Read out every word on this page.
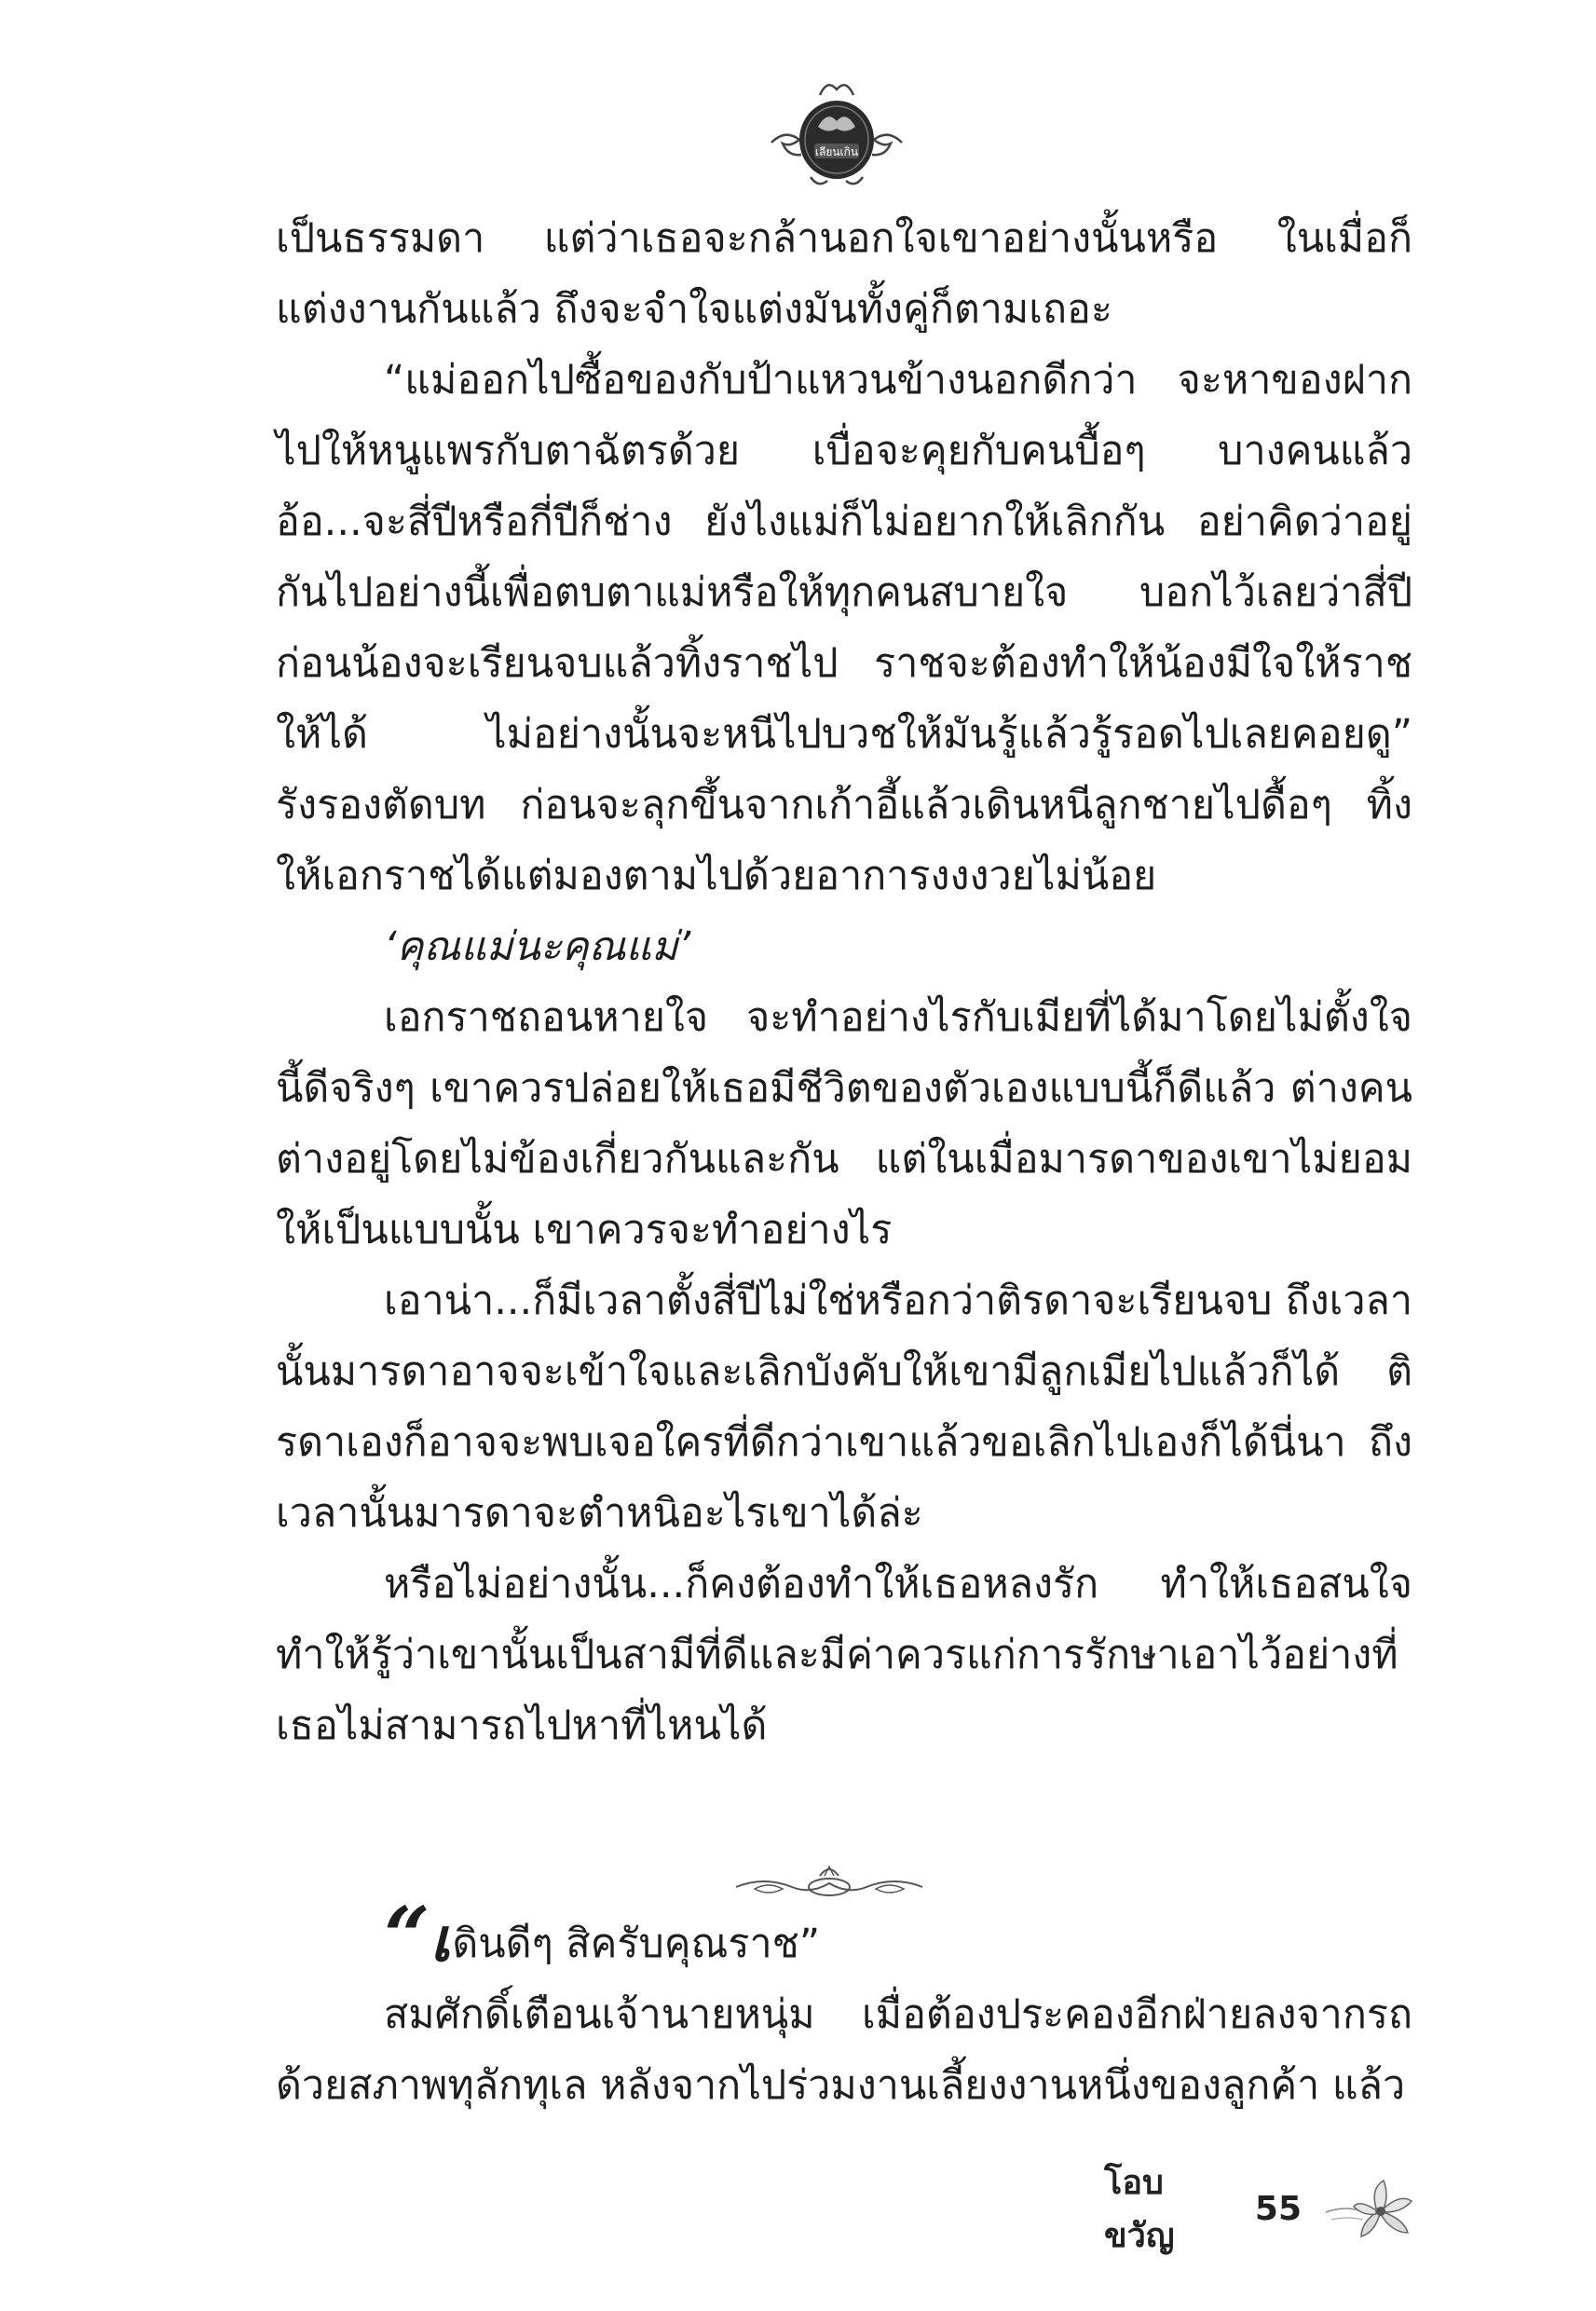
เลียนเกิน

เป็นธรรมดา แต่ว่าเธอจะกล้านอกใจเขาอย่างนั้นหรือ ในเมื่อก็แต่งงานกันแล้ว ถึงจะจำใจแต่งมันทั้งคู่ก็ตามเถอะ

“แม่ออกไปซื้อของกับป้าแหวนข้างนอกดีกว่า จะหาของฝากไปให้หนูแพรกับตาฉัตรด้วย เบื่อจะคุยกับคนบื้อๆ บางคนแล้ว อ้อ...จะสี่ปีหรือกี่ปีก็ช่าง ยังไงแม่ก็ไม่อยากให้เลิกกัน อย่าคิดว่าอยู่กันไปอย่างนี้เพื่อตบตาแม่หรือให้ทุกคนสบายใจ บอกไว้เลยว่าสี่ปีก่อนน้องจะเรียนจบแล้วทิ้งราชไป ราชจะต้องทำให้น้องมีใจให้ราชให้ได้ ไม่อย่างนั้นจะหนีไปบวชให้มันรู้แล้วรู้รอดไปเลยคอยดู” รังรองตัดบท ก่อนจะลุกขึ้นจากเก้าอี้แล้วเดินหนีลูกชายไปดื้อๆ ทิ้งให้เอกราชได้แต่มองตามไปด้วยอาการงงงวยไม่น้อย

‘คุณแม่นะคุณแม่’

เอกราชถอนหายใจ จะทำอย่างไรกับเมียที่ได้มาโดยไม่ตั้งใจนี้ดีจริงๆ เขาควรปล่อยให้เธอมีชีวิตของตัวเองแบบนี้ก็ดีแล้ว ต่างคนต่างอยู่โดยไม่ข้องเกี่ยวกันและกัน แต่ในเมื่อมารดาของเขาไม่ยอมให้เป็นแบบนั้น เขาควรจะทำอย่างไร

เอาน่า...ก็มีเวลาตั้งสี่ปีไม่ใช่หรือกว่าติรดาจะเรียนจบ ถึงเวลานั้นมารดาอาจจะเข้าใจและเลิกบังคับให้เขามีลูกเมียไปแล้วก็ได้ ติรดาเองก็อาจจะพบเจอใครที่ดีกว่าเขาแล้วขอเลิกไปเองก็ได้นี่นา ถึงเวลานั้นมารดาจะตำหนิอะไรเขาได้ล่ะ

หรือไม่อย่างนั้น...ก็คงต้องทำให้เธอหลงรัก ทำให้เธอสนใจทำให้รู้ว่าเขานั้นเป็นสามีที่ดีและมีค่าควรแก่การรักษาเอาไว้อย่างที่เธอไม่สามารถไปหาที่ไหนได้

“เดินดีๆ สิครับคุณราช”

สมศักดิ์เตือนเจ้านายหนุ่ม เมื่อต้องประคองอีกฝ่ายลงจากรถด้วยสภาพทุลักทุเล หลังจากไปร่วมงานเลี้ยงงานหนึ่งของลูกค้า แล้ว

โอบขวัญ
55
